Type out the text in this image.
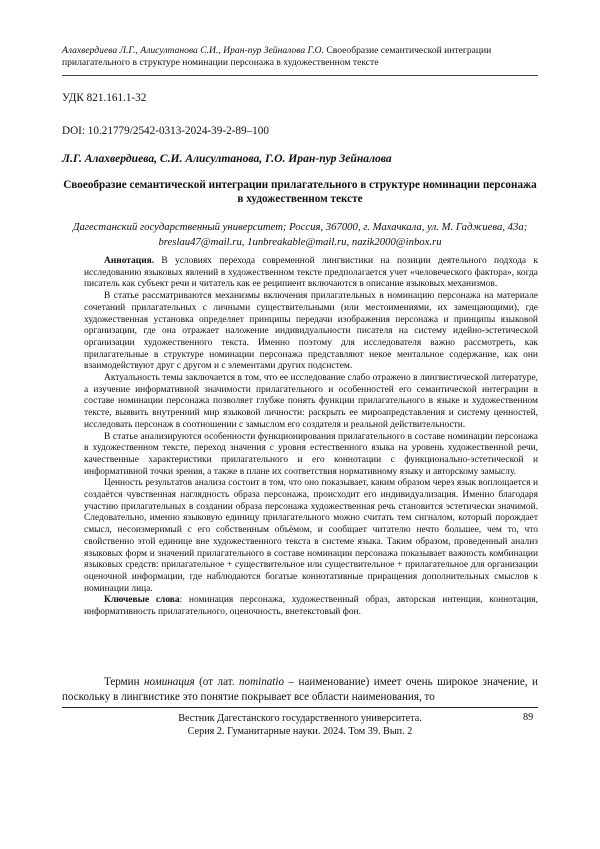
Алахвердиева Л.Г., Алисултанова С.И., Иран-пур Зейналова Г.О. Своеобразие семантической интеграции прилагательного в структуре номинации персонажа в художественном тексте
УДК 821.161.1-32
DOI: 10.21779/2542-0313-2024-39-2-89–100
Л.Г. Алахвердиева, С.И. Алисултанова, Г.О. Иран-пур Зейналова
Своеобразие семантической интеграции прилагательного в структуре номинации персонажа в художественном тексте
Дагестанский государственный университет; Россия, 367000, г. Махачкала, ул. М. Гаджиева, 43а; breslau47@mail.ru, 1unbreakable@mail.ru, nazik2000@inbox.ru

Аннотация. В условиях перехода современной лингвистики на позиции деятельного подхода к исследованию языковых явлений в художественном тексте предполагается учет «человеческого фактора», когда писатель как субъект речи и читатель как ее реципиент включаются в описание языковых механизмов.

В статье рассматриваются механизмы включения прилагательных в номинацию персонажа на материале сочетаний прилагательных с личными существительными (или местоимениями, их замещающими), где художественная установка определяет принципы передачи изображения персонажа и принципы языковой организации, где она отражает наложение индивидуальности писателя на систему идейно-эстетической организации художественного текста. Именно поэтому для исследователя важно рассмотреть, как прилагательные в структуре номинации персонажа представляют некое ментальное содержание, как они взаимодействуют друг с другом и с элементами других подсистем.

Актуальность темы заключается в том, что ее исследование слабо отражено в лингвистической литературе, а изучение информативной значимости прилагательного и особенностей его семантической интеграции в составе номинации персонажа позволяет глубже понять функции прилагательного в языке и художественном тексте, выявить внутренний мир языковой личности: раскрыть ее мироапредставления и систему ценностей, исследовать персонаж в соотношении с замыслом его создателя и реальной действительности.

В статье анализируются особенности функционирования прилагательного в составе номинации персонажа в художественном тексте, переход значения с уровня естественного языка на уровень художественной речи, качественные характеристики прилагательного и его коннотации с функционально-эстетической и информативной точки зрения, а также в плане их соответствия нормативному языку и авторскому замыслу.

Ценность результатов анализа состоит в том, что оно показывает, каким образом через язык воплощается и создаётся чувственная наглядность образа персонажа, происходит его индивидуализация. Именно благодаря участию прилагательных в создании образа персонажа художественная речь становится эстетически значимой. Следовательно, именно языковую единицу прилагательного можно считать тем сигналом, который порождает смысл, несоизмеримый с его собственным объёмом, и сообщает читателю нечто большее, чем то, что свойственно этой единице вне художественного текста в системе языка. Таким образом, проведенный анализ языковых форм и значений прилагательного в составе номинации персонажа показывает важность комбинации языковых средств: прилагательное + существительное или существительное + прилагательное для организации оценочной информации, где наблюдаются богатые коннотативные приращения дополнительных смыслов к номинации лица.

Ключевые слова: номинация персонажа, художественный образ, авторская интенция, коннотация, информативность прилагательного, оценочность, внетекстовый фон.

Термин номинация (от лат. nominatio – наименование) имеет очень широкое значение, и поскольку в лингвистике это понятие покрывает все области наименования, то

Вестник Дагестанского государственного университета.
Серия 2. Гуманитарные науки. 2024. Том 39. Вып. 2
89
